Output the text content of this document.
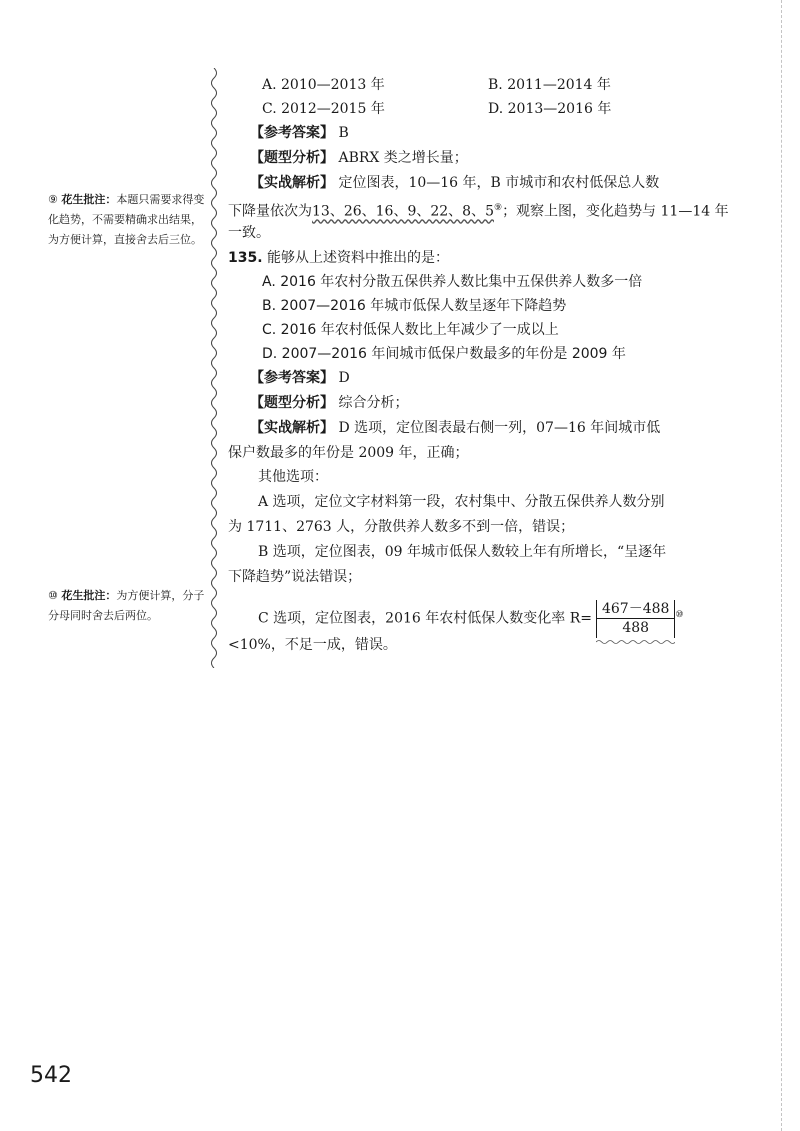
⑨ 花生批注：本题只需要求得变化趋势，不需要精确求出结果，为方便计算，直接舍去后三位。
⑩ 花生批注：为方便计算，分子分母同时舍去后两位。
A. 2010—2013 年	B. 2011—2014 年
C. 2012—2015 年	D. 2013—2016 年
【参考答案】 B
【题型分析】 ABRX 类之增长量；
【实战解析】 定位图表，10—16 年，B 市城市和农村低保总人数
下降量依次为13、26、16、9、22、8、5⑨；观察上图，变化趋势与 11—14 年
一致。
135. 能够从上述资料中推出的是：
A. 2016 年农村分散五保供养人数比集中五保供养人数多一倍
B. 2007—2016 年城市低保人数呈逐年下降趋势
C. 2016 年农村低保人数比上年减少了一成以上
D. 2007—2016 年间城市低保户数最多的年份是 2009 年
【参考答案】 D
【题型分析】 综合分析；
【实战解析】 D 选项，定位图表最右侧一列，07—16 年间城市低
保户数最多的年份是 2009 年，正确；
其他选项：
A 选项，定位文字材料第一段，农村集中、分散五保供养人数分别
为 1711、2763 人，分散供养人数多不到一倍，错误；
B 选项，定位图表，09 年城市低保人数较上年有所增长，“呈逐年
下降趋势”说法错误；
C 选项，定位图表，2016 年农村低保人数变化率 $R= \frac{467-488}{488} ^⑩$
<10%，不足一成，错误。
542
